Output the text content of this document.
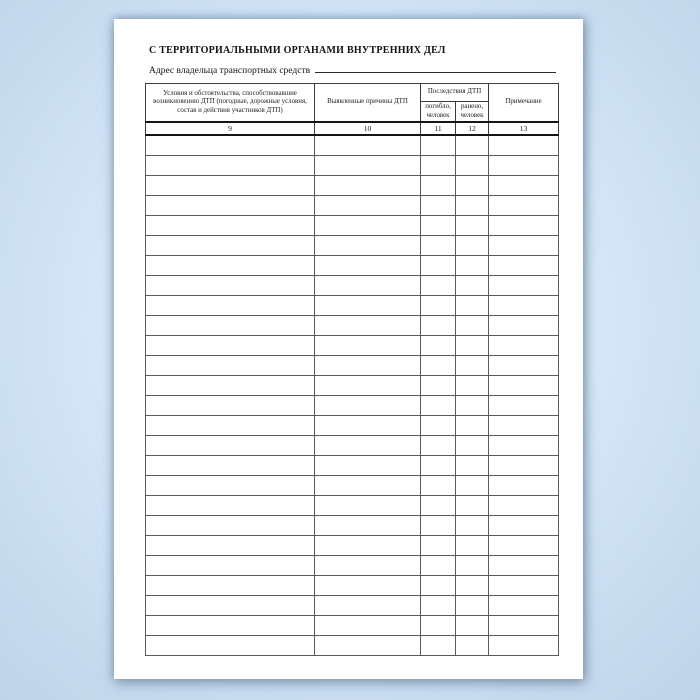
С ТЕРРИТОРИАЛЬНЫМИ ОРГАНАМИ ВНУТРЕННИХ ДЕЛ
Адрес владельца транспортных средств
Условия и обстоятельства, способствовавшие возникновению ДТП (погодные, дорожные условия, состав и действия участников ДТП)	Выявленные причины ДТП	Последствия ДТП		Примечание
		погибло, человек	ранено, человек	
9	10	11	12	13
